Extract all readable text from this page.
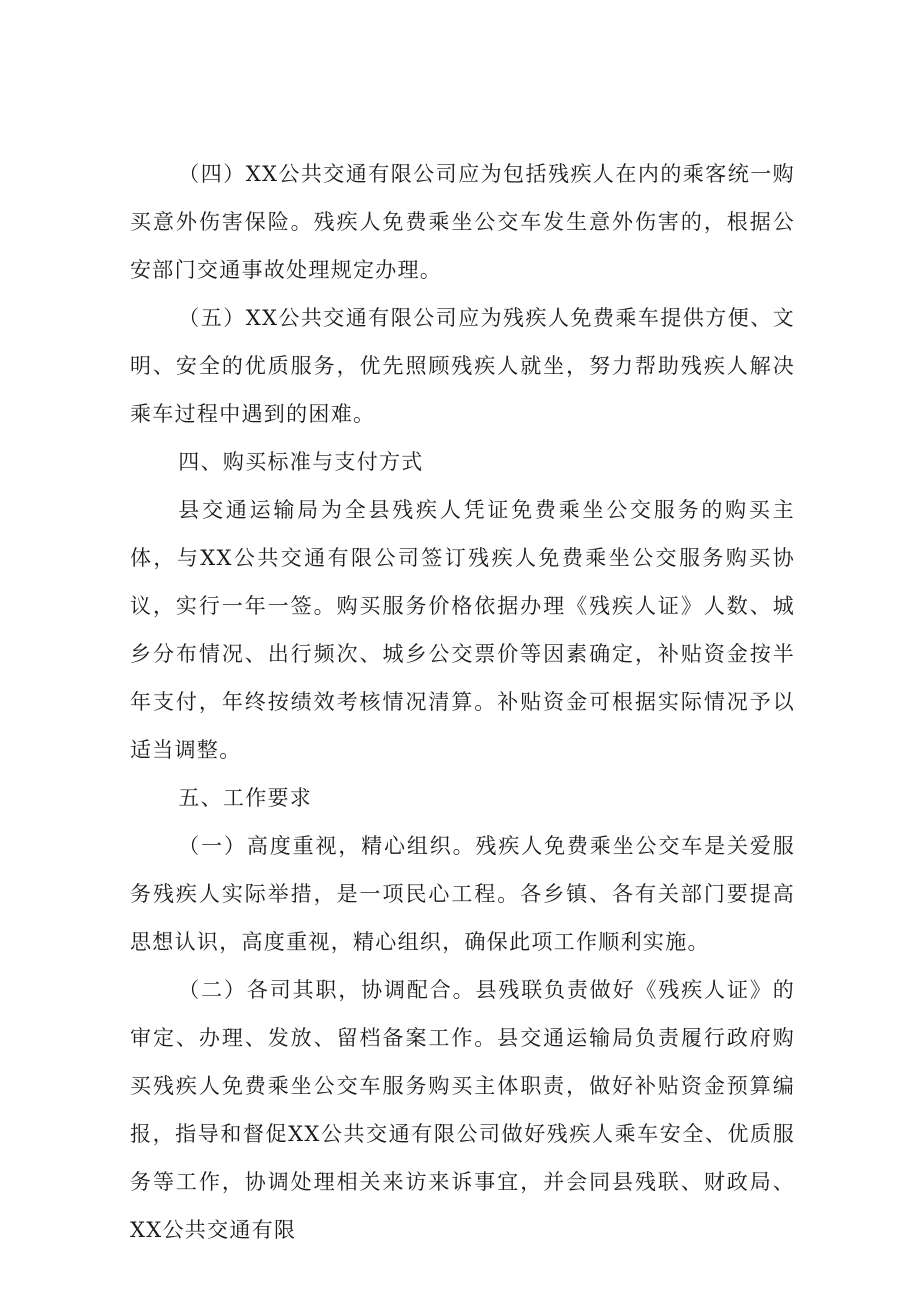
（四）XX公共交通有限公司应为包括残疾人在内的乘客统一购买意外伤害保险。残疾人免费乘坐公交车发生意外伤害的，根据公安部门交通事故处理规定办理。

（五）XX公共交通有限公司应为残疾人免费乘车提供方便、文明、安全的优质服务，优先照顾残疾人就坐，努力帮助残疾人解决乘车过程中遇到的困难。

四、购买标准与支付方式

县交通运输局为全县残疾人凭证免费乘坐公交服务的购买主体，与XX公共交通有限公司签订残疾人免费乘坐公交服务购买协议，实行一年一签。购买服务价格依据办理《残疾人证》人数、城乡分布情况、出行频次、城乡公交票价等因素确定，补贴资金按半年支付，年终按绩效考核情况清算。补贴资金可根据实际情况予以适当调整。

五、工作要求

（一）高度重视，精心组织。残疾人免费乘坐公交车是关爱服务残疾人实际举措，是一项民心工程。各乡镇、各有关部门要提高思想认识，高度重视，精心组织，确保此项工作顺利实施。

（二）各司其职，协调配合。县残联负责做好《残疾人证》的审定、办理、发放、留档备案工作。县交通运输局负责履行政府购买残疾人免费乘坐公交车服务购买主体职责，做好补贴资金预算编报，指导和督促XX公共交通有限公司做好残疾人乘车安全、优质服务等工作，协调处理相关来访来诉事宜，并会同县残联、财政局、XX公共交通有限
